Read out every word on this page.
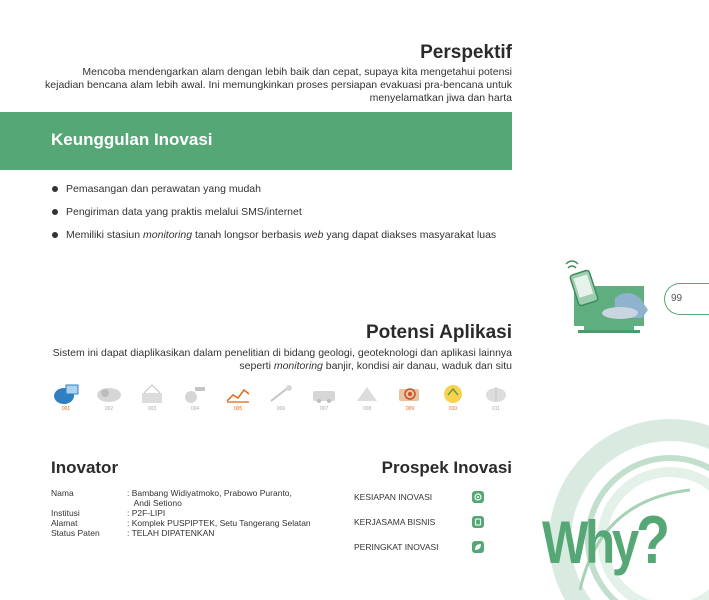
Perspektif
Mencoba mendengarkan alam dengan lebih baik dan cepat, supaya kita mengetahui potensi kejadian bencana alam lebih awal. Ini memungkinkan proses persiapan evakuasi pra-bencana untuk menyelamatkan jiwa dan harta
Keunggulan Inovasi
Pemasangan dan perawatan yang mudah
Pengiriman data yang praktis melalui SMS/internet
Memiliki stasiun monitoring tanah longsor berbasis web yang dapat diakses masyarakat luas
99
Potensi Aplikasi
Sistem ini dapat diaplikasikan dalam penelitian di bidang geologi, geoteknologi dan aplikasi lainnya seperti monitoring banjir, kondisi air danau, waduk dan situ
001	002	003	004	005	006	007	008	009	010	011
Inovator
Nama	: Bambang Widiyatmoko, Prabowo Puranto,
Andi Setiono
Institusi	: P2F-LIPI
Alamat	: Komplek PUSPIPTEK, Setu Tangerang Selatan
Status Paten	: TELAH DIPATENKAN
Prospek Inovasi
KESIAPAN INOVASI
KERJASAMA BISNIS
PERINGKAT INOVASI Why?
